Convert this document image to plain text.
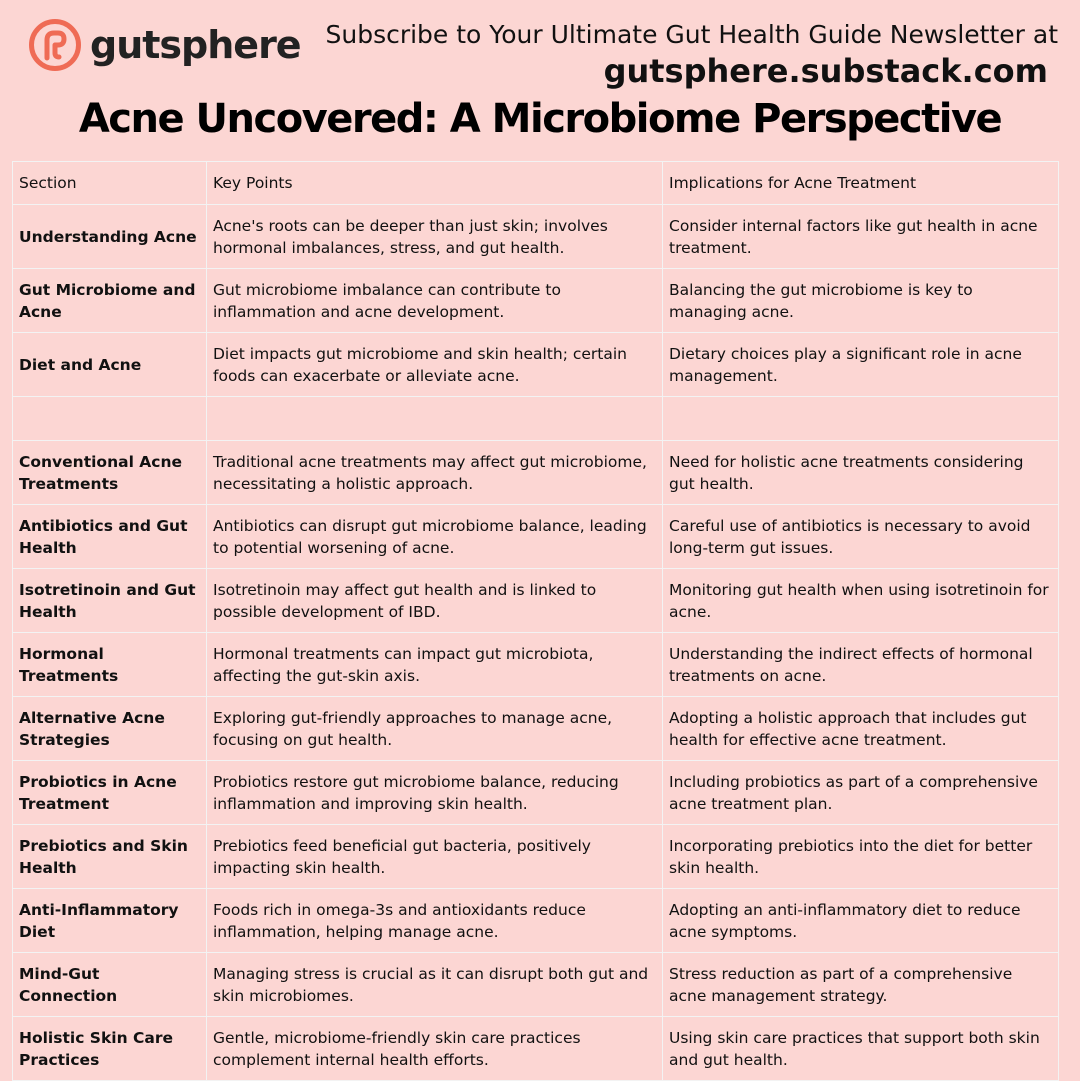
gutsphere Subscribe to Your Ultimate Gut Health Guide Newsletter at
gutsphere.substack.com
Acne Uncovered: A Microbiome Perspective
Section	Key Points	Implications for Acne Treatment
Understanding Acne	Acne's roots can be deeper than just skin; involves hormonal imbalances, stress, and gut health.	Consider internal factors like gut health in acne treatment.
Gut Microbiome and Acne	Gut microbiome imbalance can contribute to inflammation and acne development.	Balancing the gut microbiome is key to managing acne.
Diet and Acne	Diet impacts gut microbiome and skin health; certain foods can exacerbate or alleviate acne.	Dietary choices play a significant role in acne management.

Conventional Acne Treatments	Traditional acne treatments may affect gut microbiome, necessitating a holistic approach.	Need for holistic acne treatments considering gut health.
Antibiotics and Gut Health	Antibiotics can disrupt gut microbiome balance, leading to potential worsening of acne.	Careful use of antibiotics is necessary to avoid long-term gut issues.
Isotretinoin and Gut Health	Isotretinoin may affect gut health and is linked to possible development of IBD.	Monitoring gut health when using isotretinoin for acne.
Hormonal Treatments	Hormonal treatments can impact gut microbiota, affecting the gut-skin axis.	Understanding the indirect effects of hormonal treatments on acne.
Alternative Acne Strategies	Exploring gut-friendly approaches to manage acne, focusing on gut health.	Adopting a holistic approach that includes gut health for effective acne treatment.
Probiotics in Acne Treatment	Probiotics restore gut microbiome balance, reducing inflammation and improving skin health.	Including probiotics as part of a comprehensive acne treatment plan.
Prebiotics and Skin Health	Prebiotics feed beneficial gut bacteria, positively impacting skin health.	Incorporating prebiotics into the diet for better skin health.
Anti-Inflammatory Diet	Foods rich in omega-3s and antioxidants reduce inflammation, helping manage acne.	Adopting an anti-inflammatory diet to reduce acne symptoms.
Mind-Gut Connection	Managing stress is crucial as it can disrupt both gut and skin microbiomes.	Stress reduction as part of a comprehensive acne management strategy.
Holistic Skin Care Practices	Gentle, microbiome-friendly skin care practices complement internal health efforts.	Using skin care practices that support both skin and gut health.
